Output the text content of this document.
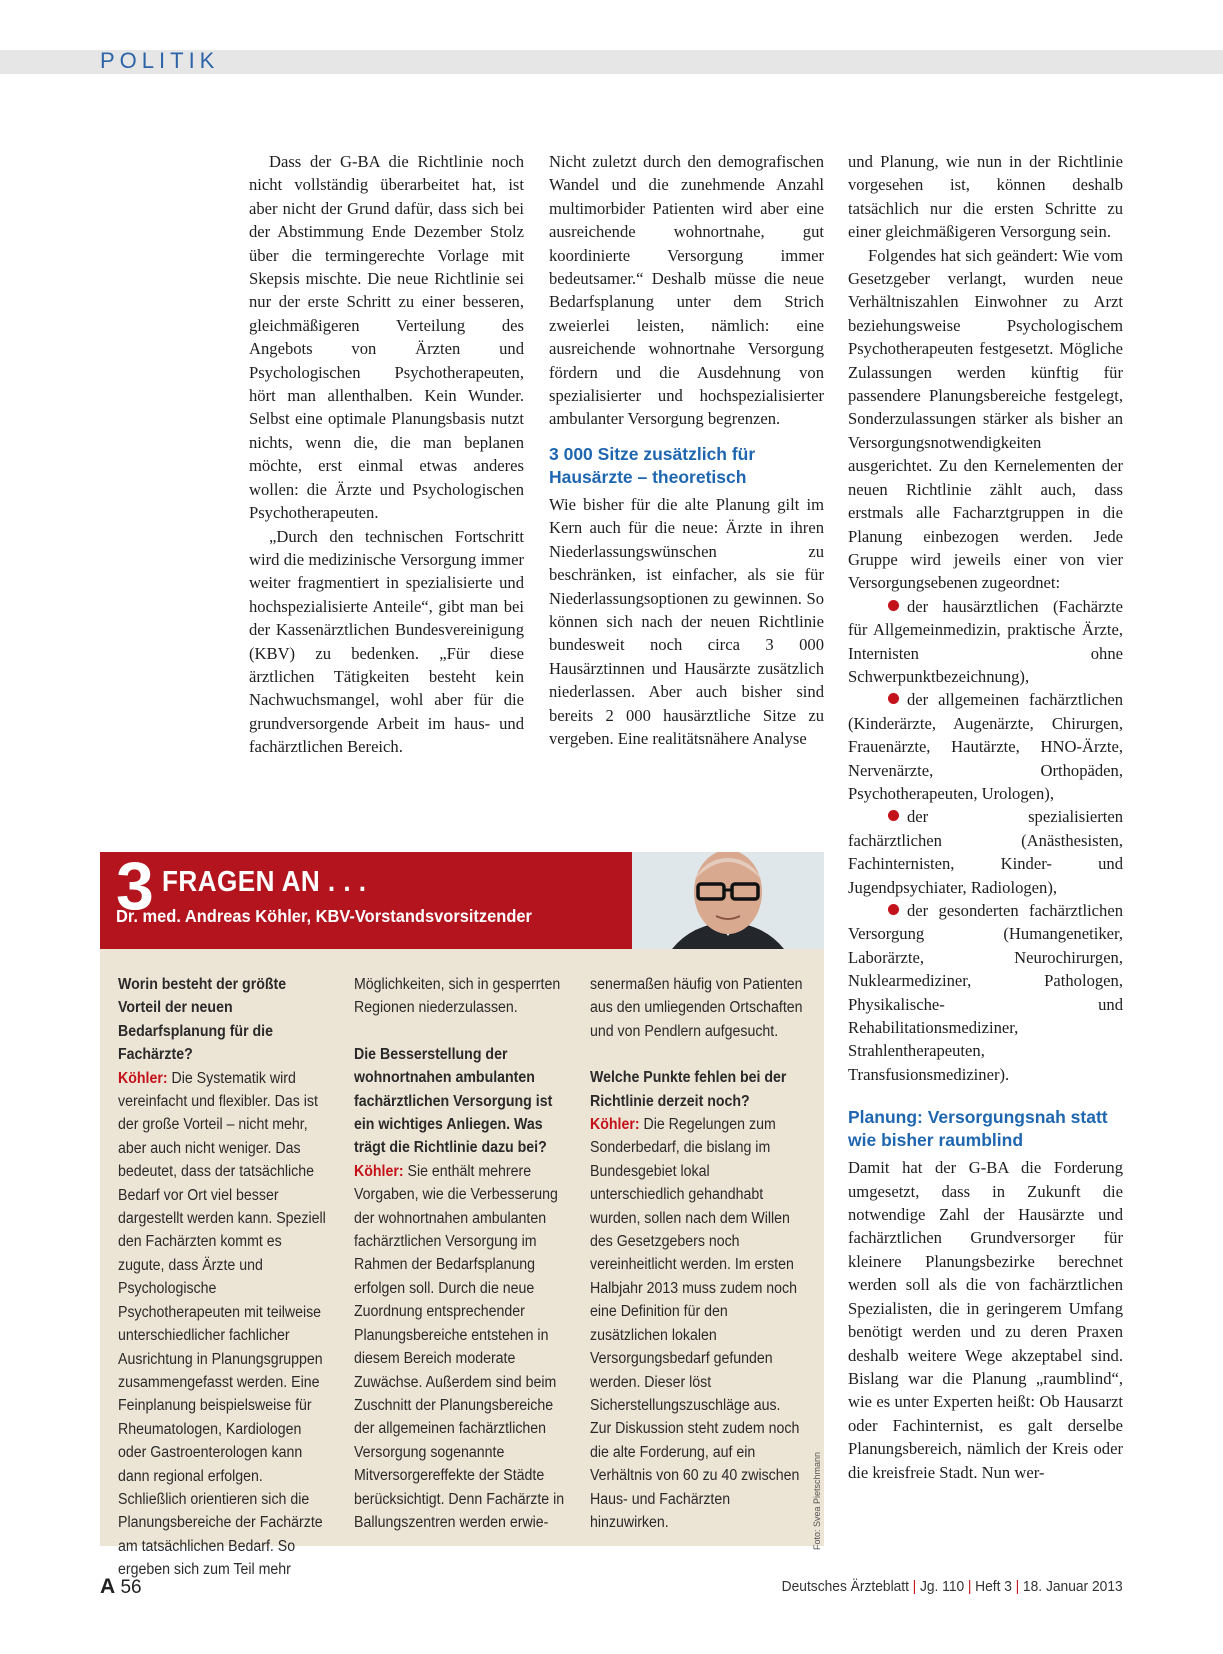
POLITIK

Dass der G-BA die Richtlinie noch nicht vollständig überarbeitet hat, ist aber nicht der Grund dafür, dass sich bei der Abstimmung Ende Dezember Stolz über die termingerechte Vorlage mit Skepsis mischte. Die neue Richtlinie sei nur der erste Schritt zu einer besseren, gleichmäßigeren Verteilung des Angebots von Ärzten und Psychologischen Psychotherapeuten, hört man allenthalben. Kein Wunder. Selbst eine optimale Planungsbasis nutzt nichts, wenn die, die man beplanen möchte, erst einmal etwas anderes wollen: die Ärzte und Psychologischen Psychotherapeuten.

„Durch den technischen Fortschritt wird die medizinische Versorgung immer weiter fragmentiert in spezialisierte und hochspezialisierte Anteile“, gibt man bei der Kassenärztlichen Bundesvereinigung (KBV) zu bedenken. „Für diese ärztlichen Tätigkeiten besteht kein Nachwuchsmangel, wohl aber für die grundversorgende Arbeit im haus- und fachärztlichen Bereich.

Nicht zuletzt durch den demografischen Wandel und die zunehmende Anzahl multimorbider Patienten wird aber eine ausreichende wohnortnahe, gut koordinierte Versorgung immer bedeutsamer.“ Deshalb müsse die neue Bedarfsplanung unter dem Strich zweierlei leisten, nämlich: eine ausreichende wohnortnahe Versorgung fördern und die Ausdehnung von spezialisierter und hochspezialisierter ambulanter Versorgung begrenzen.

3 000 Sitze zusätzlich für Hausärzte – theoretisch

Wie bisher für die alte Planung gilt im Kern auch für die neue: Ärzte in ihren Niederlassungswünschen zu beschränken, ist einfacher, als sie für Niederlassungsoptionen zu gewinnen. So können sich nach der neuen Richtlinie bundesweit noch circa 3 000 Hausärztinnen und Hausärzte zusätzlich niederlassen. Aber auch bisher sind bereits 2 000 hausärztliche Sitze zu vergeben. Eine realitätsnähere Analyse

und Planung, wie nun in der Richtlinie vorgesehen ist, können deshalb tatsächlich nur die ersten Schritte zu einer gleichmäßigeren Versorgung sein.

Folgendes hat sich geändert: Wie vom Gesetzgeber verlangt, wurden neue Verhältniszahlen Einwohner zu Arzt beziehungsweise Psychologischem Psychotherapeuten festgesetzt. Mögliche Zulassungen werden künftig für passendere Planungsbereiche festgelegt, Sonderzulassungen stärker als bisher an Versorgungsnotwendigkeiten ausgerichtet. Zu den Kernelementen der neuen Richtlinie zählt auch, dass erstmals alle Facharztgruppen in die Planung einbezogen werden. Jede Gruppe wird jeweils einer von vier Versorgungsebenen zugeordnet:

der hausärztlichen (Fachärzte für Allgemeinmedizin, praktische Ärzte, Internisten ohne Schwerpunktbezeichnung),

der allgemeinen fachärztlichen (Kinderärzte, Augenärzte, Chirurgen, Frauenärzte, Hautärzte, HNO-Ärzte, Nervenärzte, Orthopäden, Psychotherapeuten, Urologen),

der spezialisierten fachärztlichen (Anästhesisten, Fachinternisten, Kinder- und Jugendpsychiater, Radiologen),

der gesonderten fachärztlichen Versorgung (Humangenetiker, Laborärzte, Neurochirurgen, Nuklearmediziner, Pathologen, Physikalische- und Rehabilitationsmediziner, Strahlentherapeuten, Transfusionsmediziner).

Planung: Versorgungsnah statt wie bisher raumblind

Damit hat der G-BA die Forderung umgesetzt, dass in Zukunft die notwendige Zahl der Hausärzte und fachärztlichen Grundversorger für kleinere Planungsbezirke berechnet werden soll als die von fachärztlichen Spezialisten, die in geringerem Umfang benötigt werden und zu deren Praxen deshalb weitere Wege akzeptabel sind. Bislang war die Planung „raumblind“, wie es unter Experten heißt: Ob Hausarzt oder Fachinternist, es galt derselbe Planungsbereich, nämlich der Kreis oder die kreisfreie Stadt. Nun wer-

3 FRAGEN AN . . .
Dr. med. Andreas Köhler, KBV-Vorstandsvorsitzender

Worin besteht der größte Vorteil der neuen Bedarfsplanung für die Fachärzte?

Köhler: Die Systematik wird vereinfacht und flexibler. Das ist der große Vorteil – nicht mehr, aber auch nicht weniger. Das bedeutet, dass der tatsächliche Bedarf vor Ort viel besser dargestellt werden kann. Speziell den Fachärzten kommt es zugute, dass Ärzte und Psychologische Psychotherapeuten mit teilweise unterschiedlicher fachlicher Ausrichtung in Planungsgruppen zusammengefasst werden. Eine Feinplanung beispielsweise für Rheumatologen, Kardiologen oder Gastroenterologen kann dann regional erfolgen. Schließlich orientieren sich die Planungsbereiche der Fachärzte am tatsächlichen Bedarf. So ergeben sich zum Teil mehr

Möglichkeiten, sich in gesperrten Regionen niederzulassen.

Die Besserstellung der wohnortnahen ambulanten fachärztlichen Versorgung ist ein wichtiges Anliegen. Was trägt die Richtlinie dazu bei?

Köhler: Sie enthält mehrere Vorgaben, wie die Verbesserung der wohnortnahen ambulanten fachärztlichen Versorgung im Rahmen der Bedarfsplanung erfolgen soll. Durch die neue Zuordnung entsprechender Planungsbereiche entstehen in diesem Bereich moderate Zuwächse. Außerdem sind beim Zuschnitt der Planungsbereiche der allgemeinen fachärztlichen Versorgung sogenannte Mitversorgereffekte der Städte berücksichtigt. Denn Fachärzte in Ballungszentren werden erwie-

senermaßen häufig von Patienten aus den umliegenden Ortschaften und von Pendlern aufgesucht.

Welche Punkte fehlen bei der Richtlinie derzeit noch?

Köhler: Die Regelungen zum Sonderbedarf, die bislang im Bundesgebiet lokal unterschiedlich gehandhabt wurden, sollen nach dem Willen des Gesetzgebers noch vereinheitlicht werden. Im ersten Halbjahr 2013 muss zudem noch eine Definition für den zusätzlichen lokalen Versorgungsbedarf gefunden werden. Dieser löst Sicherstellungszuschläge aus. Zur Diskussion steht zudem noch die alte Forderung, auf ein Verhältnis von 60 zu 40 zwischen Haus- und Fachärzten hinzuwirken.	Foto: Svea Pietschmann
A 56	Deutsches Ärzteblatt | Jg. 110 | Heft 3 | 18. Januar 2013
